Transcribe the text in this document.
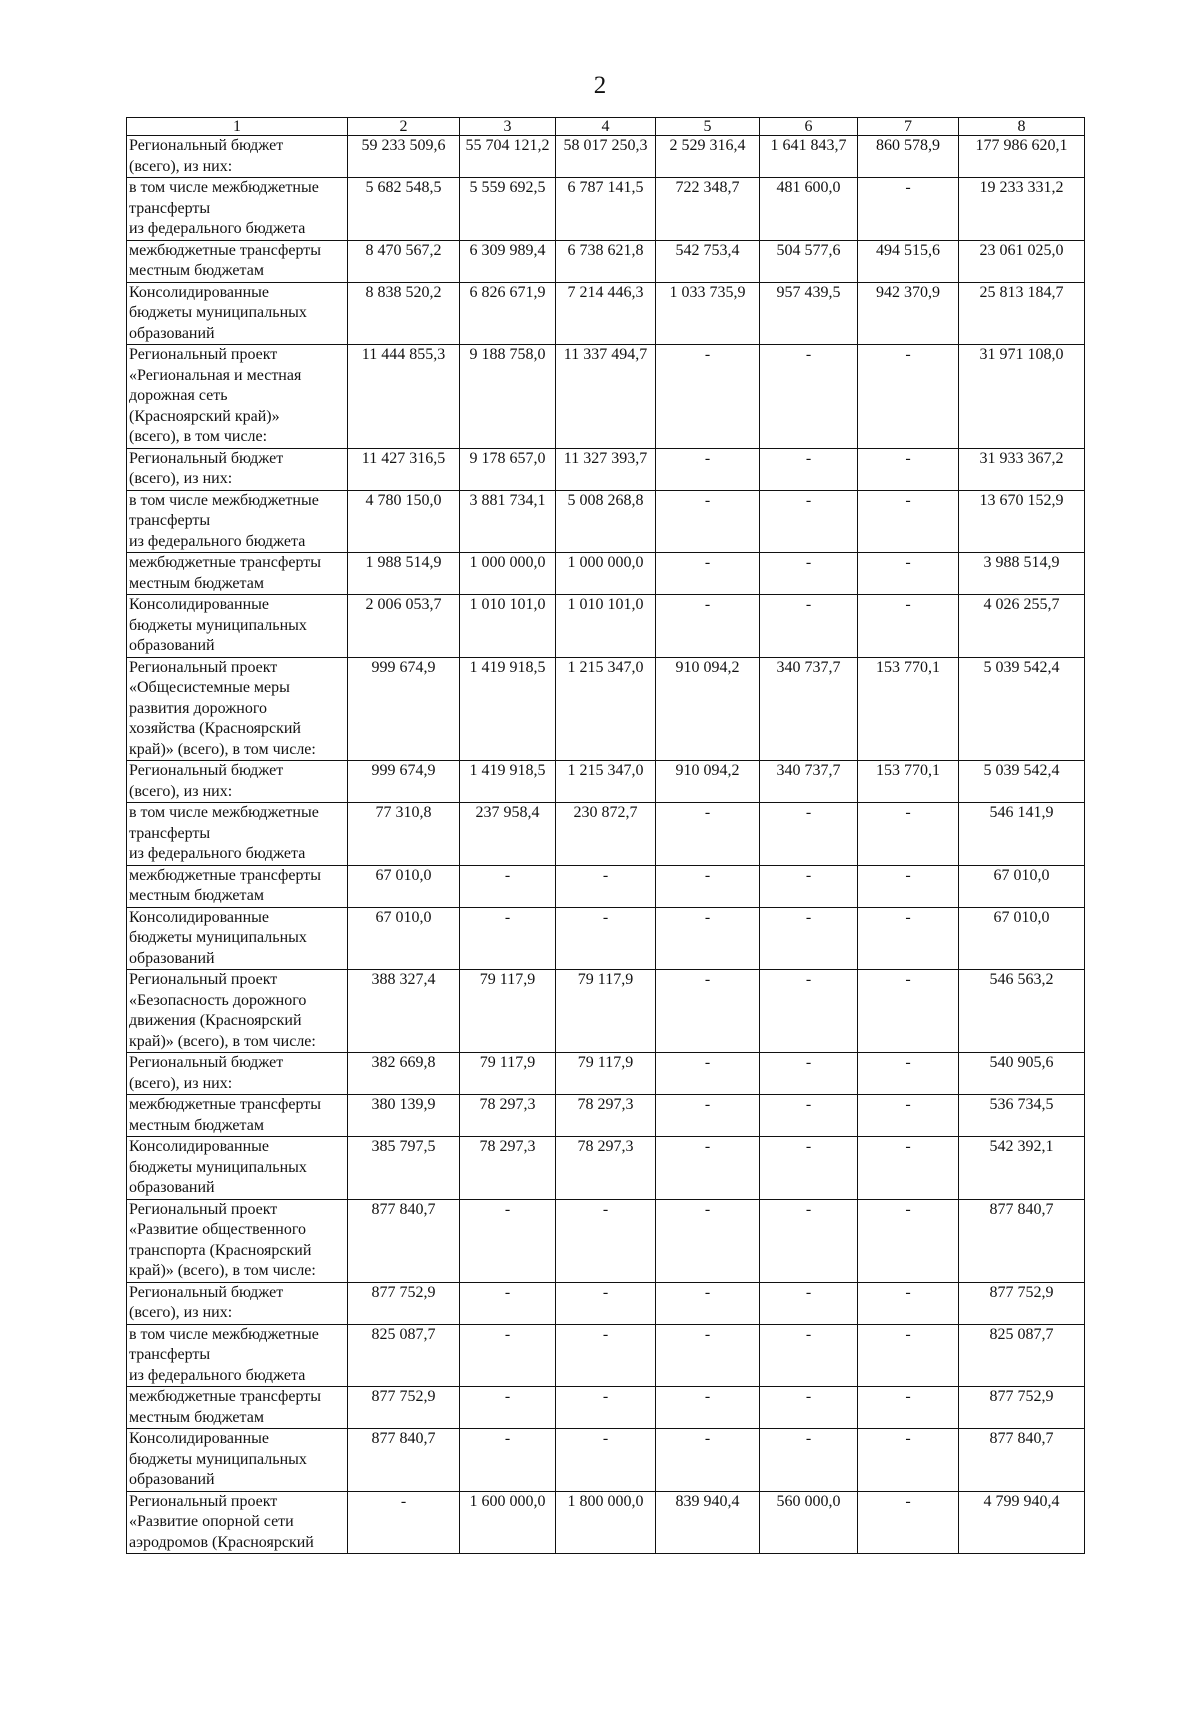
2
1	2	3	4	5	6	7	8
Региональный бюджет
(всего), из них:	59 233 509,6	55 704 121,2	58 017 250,3	2 529 316,4	1 641 843,7	860 578,9	177 986 620,1
в том числе межбюджетные
трансферты
из федерального бюджета	5 682 548,5	5 559 692,5	6 787 141,5	722 348,7	481 600,0	-	19 233 331,2
межбюджетные трансферты
местным бюджетам	8 470 567,2	6 309 989,4	6 738 621,8	542 753,4	504 577,6	494 515,6	23 061 025,0
Консолидированные
бюджеты муниципальных
образований	8 838 520,2	6 826 671,9	7 214 446,3	1 033 735,9	957 439,5	942 370,9	25 813 184,7
Региональный проект
«Региональная и местная
дорожная сеть
(Красноярский край)»
(всего), в том числе:	11 444 855,3	9 188 758,0	11 337 494,7	-	-	-	31 971 108,0
Региональный бюджет
(всего), из них:	11 427 316,5	9 178 657,0	11 327 393,7	-	-	-	31 933 367,2
в том числе межбюджетные
трансферты
из федерального бюджета	4 780 150,0	3 881 734,1	5 008 268,8	-	-	-	13 670 152,9
межбюджетные трансферты
местным бюджетам	1 988 514,9	1 000 000,0	1 000 000,0	-	-	-	3 988 514,9
Консолидированные
бюджеты муниципальных
образований	2 006 053,7	1 010 101,0	1 010 101,0	-	-	-	4 026 255,7
Региональный проект
«Общесистемные меры
развития дорожного
хозяйства (Красноярский
край)» (всего), в том числе:	999 674,9	1 419 918,5	1 215 347,0	910 094,2	340 737,7	153 770,1	5 039 542,4
Региональный бюджет
(всего), из них:	999 674,9	1 419 918,5	1 215 347,0	910 094,2	340 737,7	153 770,1	5 039 542,4
в том числе межбюджетные
трансферты
из федерального бюджета	77 310,8	237 958,4	230 872,7	-	-	-	546 141,9
межбюджетные трансферты
местным бюджетам	67 010,0	-	-	-	-	-	67 010,0
Консолидированные
бюджеты муниципальных
образований	67 010,0	-	-	-	-	-	67 010,0
Региональный проект
«Безопасность дорожного
движения (Красноярский
край)» (всего), в том числе:	388 327,4	79 117,9	79 117,9	-	-	-	546 563,2
Региональный бюджет
(всего), из них:	382 669,8	79 117,9	79 117,9	-	-	-	540 905,6
межбюджетные трансферты
местным бюджетам	380 139,9	78 297,3	78 297,3	-	-	-	536 734,5
Консолидированные
бюджеты муниципальных
образований	385 797,5	78 297,3	78 297,3	-	-	-	542 392,1
Региональный проект
«Развитие общественного
транспорта (Красноярский
край)» (всего), в том числе:	877 840,7	-	-	-	-	-	877 840,7
Региональный бюджет
(всего), из них:	877 752,9	-	-	-	-	-	877 752,9
в том числе межбюджетные
трансферты
из федерального бюджета	825 087,7	-	-	-	-	-	825 087,7
межбюджетные трансферты
местным бюджетам	877 752,9	-	-	-	-	-	877 752,9
Консолидированные
бюджеты муниципальных
образований	877 840,7	-	-	-	-	-	877 840,7
Региональный проект
«Развитие опорной сети
аэродромов (Красноярский	-	1 600 000,0	1 800 000,0	839 940,4	560 000,0	-	4 799 940,4
